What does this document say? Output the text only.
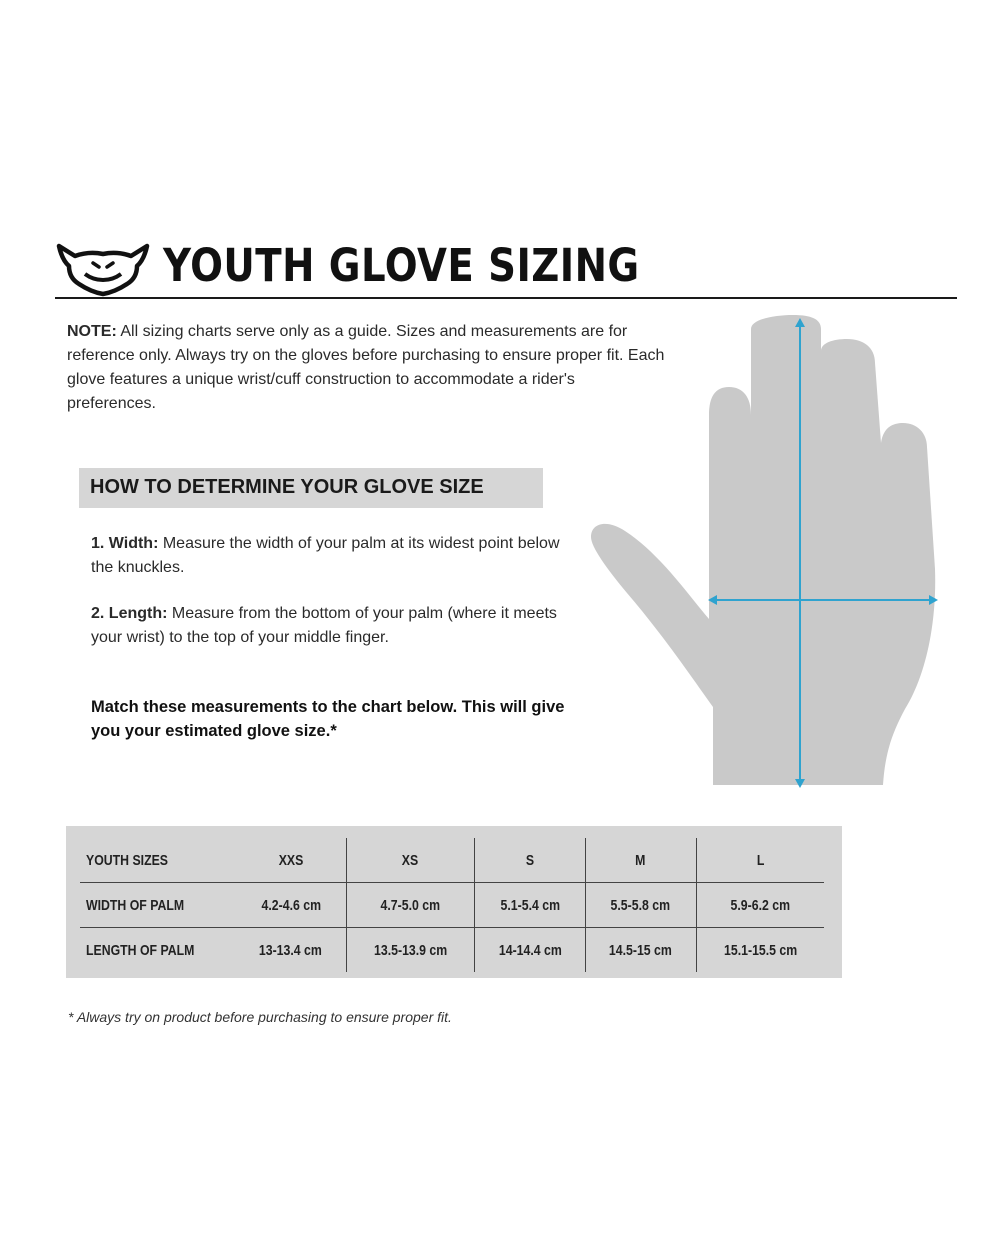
YOUTH GLOVE SIZING
NOTE: All sizing charts serve only as a guide. Sizes and measurements are for reference only. Always try on the gloves before purchasing to ensure proper fit. Each glove features a unique wrist/cuff construction to accommodate a rider's preferences.
HOW TO DETERMINE YOUR GLOVE SIZE
1. Width: Measure the width of your palm at its widest point below the knuckles.
2. Length: Measure from the bottom of your palm (where it meets your wrist) to the top of your middle finger.
Match these measurements to the chart below. This will give you your estimated glove size.*
YOUTH SIZES	XXS	XS	S	M	L
WIDTH OF PALM	4.2-4.6 cm	4.7-5.0 cm	5.1-5.4 cm	5.5-5.8 cm	5.9-6.2 cm
LENGTH OF PALM	13-13.4 cm	13.5-13.9 cm	14-14.4 cm	14.5-15 cm	15.1-15.5 cm
* Always try on product before purchasing to ensure proper fit.
